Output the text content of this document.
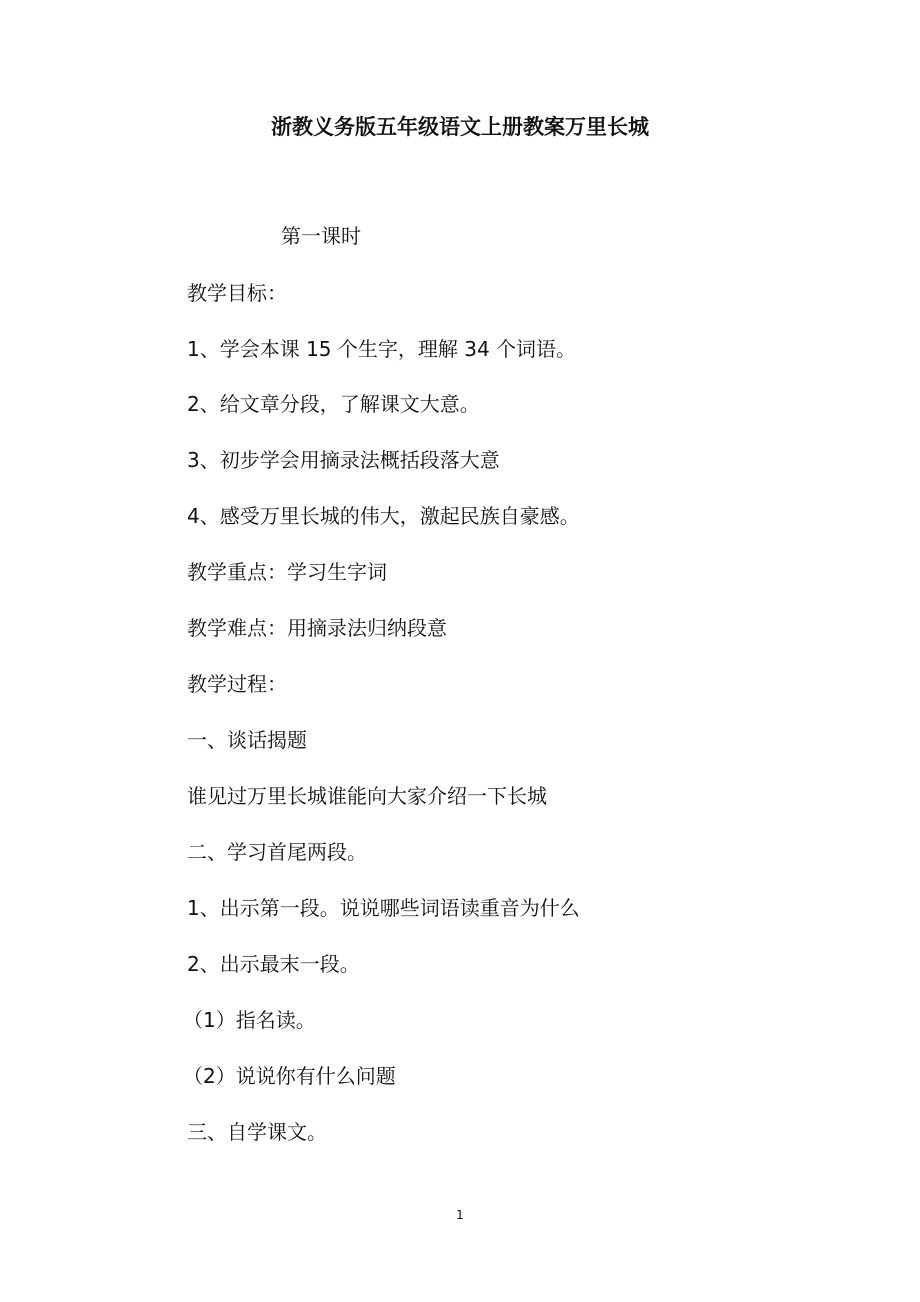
浙教义务版五年级语文上册教案万里长城
第一课时
教学目标：
1、学会本课 15 个生字，理解 34 个词语。
2、给文章分段，了解课文大意。
3、初步学会用摘录法概括段落大意
4、感受万里长城的伟大，激起民族自豪感。
教学重点：学习生字词
教学难点：用摘录法归纳段意
教学过程：
一、谈话揭题
谁见过万里长城谁能向大家介绍一下长城
二、学习首尾两段。
1、出示第一段。说说哪些词语读重音为什么
2、出示最末一段。
（1）指名读。
（2）说说你有什么问题
三、自学课文。
1
